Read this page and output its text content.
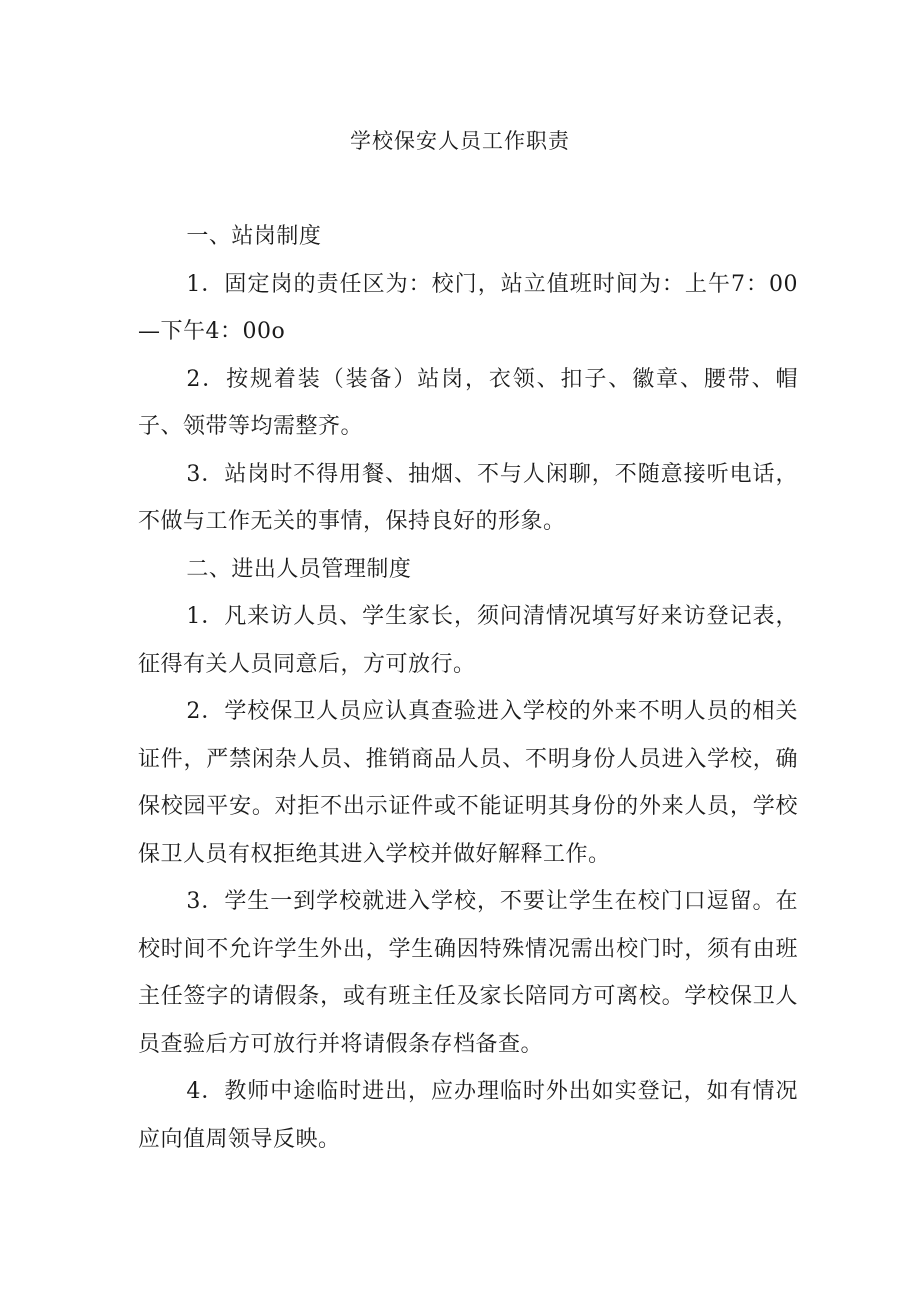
学校保安人员工作职责

一、站岗制度

1．固定岗的责任区为：校门，站立值班时间为：上午7：00—下午4：00o

2．按规着装（装备）站岗，衣领、扣子、徽章、腰带、帽子、领带等均需整齐。

3．站岗时不得用餐、抽烟、不与人闲聊，不随意接听电话，不做与工作无关的事情，保持良好的形象。

二、进出人员管理制度

1．凡来访人员、学生家长，须问清情况填写好来访登记表，征得有关人员同意后，方可放行。

2．学校保卫人员应认真查验进入学校的外来不明人员的相关证件，严禁闲杂人员、推销商品人员、不明身份人员进入学校，确保校园平安。对拒不出示证件或不能证明其身份的外来人员，学校保卫人员有权拒绝其进入学校并做好解释工作。

3．学生一到学校就进入学校，不要让学生在校门口逗留。在校时间不允许学生外出，学生确因特殊情况需出校门时，须有由班主任签字的请假条，或有班主任及家长陪同方可离校。学校保卫人员查验后方可放行并将请假条存档备查。

4．教师中途临时进出，应办理临时外出如实登记，如有情况应向值周领导反映。
